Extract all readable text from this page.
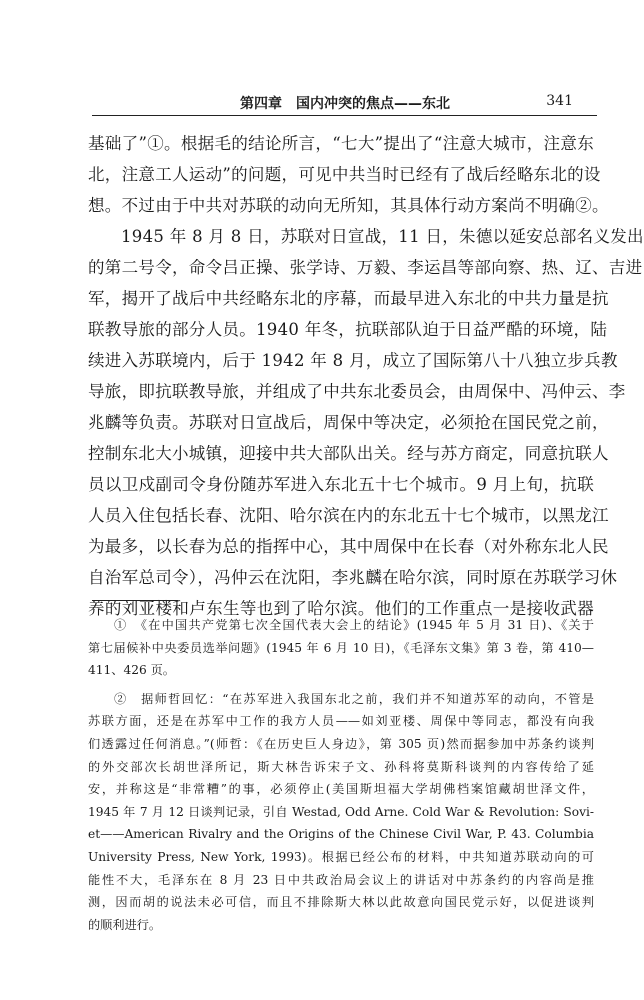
第四章　国内冲突的焦点——东北	341
基础了”①。根据毛的结论所言，“七大”提出了“注意大城市，注意东
北，注意工人运动”的问题，可见中共当时已经有了战后经略东北的设
想。不过由于中共对苏联的动向无所知，其具体行动方案尚不明确②。
1945 年 8 月 8 日，苏联对日宣战，11 日，朱德以延安总部名义发出
的第二号令，命令吕正操、张学诗、万毅、李运昌等部向察、热、辽、吉进
军，揭开了战后中共经略东北的序幕，而最早进入东北的中共力量是抗
联教导旅的部分人员。1940 年冬，抗联部队迫于日益严酷的环境，陆
续进入苏联境内，后于 1942 年 8 月，成立了国际第八十八独立步兵教
导旅，即抗联教导旅，并组成了中共东北委员会，由周保中、冯仲云、李
兆麟等负责。苏联对日宣战后，周保中等决定，必须抢在国民党之前，
控制东北大小城镇，迎接中共大部队出关。经与苏方商定，同意抗联人
员以卫戍副司令身份随苏军进入东北五十七个城市。9 月上旬，抗联
人员入住包括长春、沈阳、哈尔滨在内的东北五十七个城市，以黑龙江
为最多，以长春为总的指挥中心，其中周保中在长春（对外称东北人民
自治军总司令），冯仲云在沈阳，李兆麟在哈尔滨，同时原在苏联学习休
养的刘亚楼和卢东生等也到了哈尔滨。他们的工作重点一是接收武器
①　《在中国共产党第七次全国代表大会上的结论》(1945 年 5 月 31 日)、《关于
第七届候补中央委员选举问题》(1945 年 6 月 10 日)，《毛泽东文集》第 3 卷，第 410—
411、426 页。
②　据师哲回忆：“在苏军进入我国东北之前，我们并不知道苏军的动向，不管是
苏联方面，还是在苏军中工作的我方人员——如刘亚楼、周保中等同志，都没有向我
们透露过任何消息。”(师哲：《在历史巨人身边》，第 305 页)然而据参加中苏条约谈判
的外交部次长胡世泽所记，斯大林告诉宋子文、孙科将莫斯科谈判的内容传给了延
安，并称这是“非常糟”的事，必须停止(美国斯坦福大学胡佛档案馆藏胡世泽文件，
1945 年 7 月 12 日谈判记录，引自 Westad, Odd Arne. Cold War & Revolution: Sovi-
et——American Rivalry and the Origins of the Chinese Civil War, P. 43. Columbia
University Press, New York, 1993)。根据已经公布的材料，中共知道苏联动向的可
能性不大，毛泽东在 8 月 23 日中共政治局会议上的讲话对中苏条约的内容尚是推
测，因而胡的说法未必可信，而且不排除斯大林以此故意向国民党示好，以促进谈判
的顺利进行。
